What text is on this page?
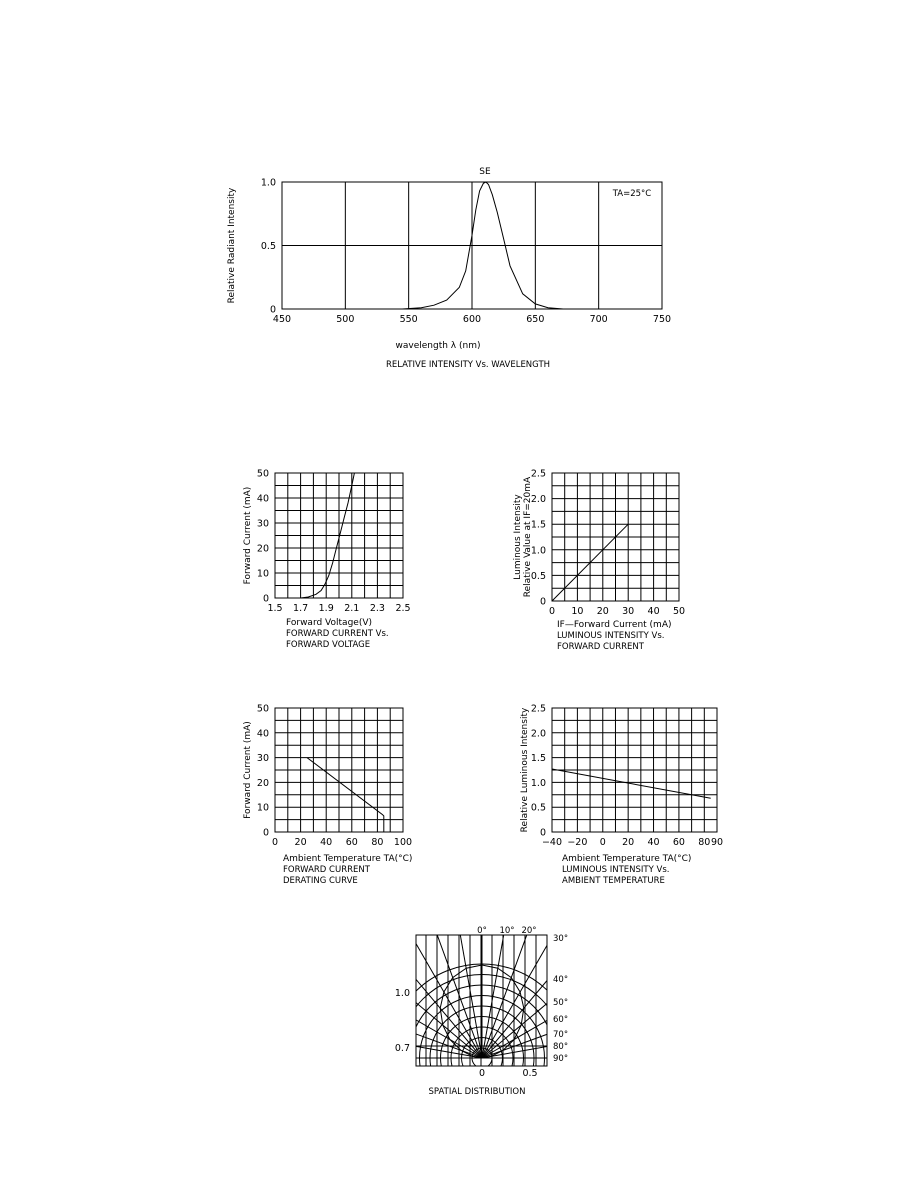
450	500	550	600	650	700	750
0
0.5
1.0
SE
TA=25°C
wavelength λ (nm)
Relative Radiant Intensity
RELATIVE INTENSITY Vs. WAVELENGTH
1.5 1.7 1.9 2.1 2.3 2.5
0
10
20
30
40
50
Forward Voltage(V)
Forward Current (mA)
FORWARD CURRENT Vs.
FORWARD VOLTAGE
0 10 20 30 40 50
0
0.5
1.0
1.5
2.0
2.5
IF—Forward Current (mA)
Luminous Intensity Relative Value at IF=20mA
LUMINOUS INTENSITY Vs.
FORWARD CURRENT
0 20 40 60 80 100
0
10
20
30
40
50
Ambient Temperature TA(°C)
Forward Current (mA)
FORWARD CURRENT
DERATING CURVE
−40 −20 0 20 40 60 80 90
0
0.5
1.0
1.5
2.0
2.5
Ambient Temperature TA(°C)
Relative Luminous Intensity
LUMINOUS INTENSITY Vs.
AMBIENT TEMPERATURE
0° 10° 20°
30°
40°
50°
60°
70°
80°
90°
1.0
0.7
0	0.5
SPATIAL DISTRIBUTION
